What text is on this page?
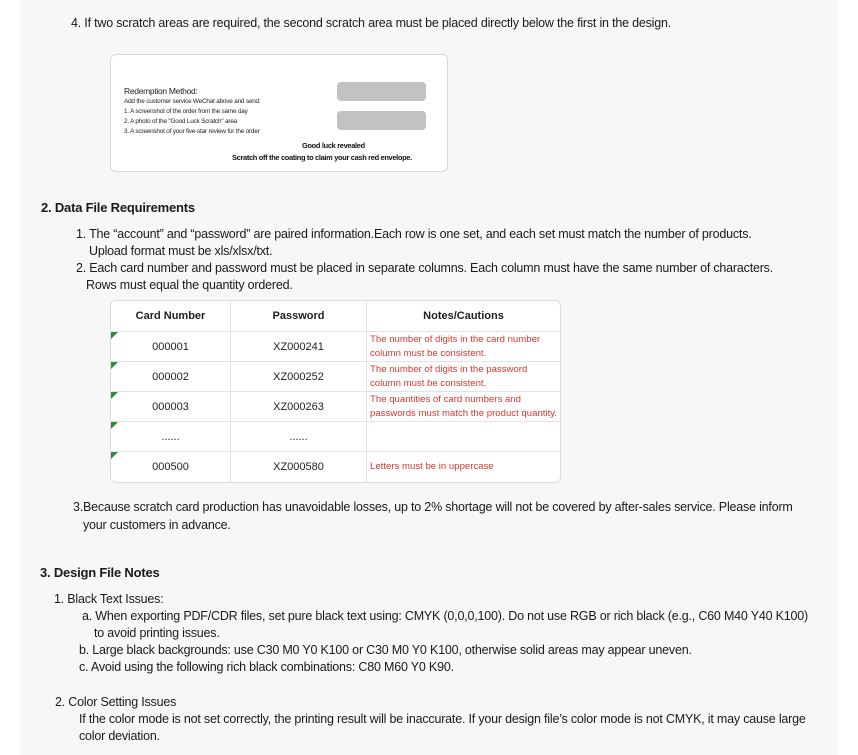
4. If two scratch areas are required, the second scratch area must be placed directly below the first in the design.
Redemption Method:
Add the customer service WeChat above and send:
1. A screenshot of the order from the same day
2. A photo of the "Good Luck Scratch" area
3. A screenshot of your five-star review for the order
Good luck revealed
Scratch off the coating to claim your cash red envelope.
2. Data File Requirements
1. The “account” and “password” are paired information.Each row is one set, and each set must match the number of products.
Upload format must be xls/xlsx/txt.
2. Each card number and password must be placed in separate columns. Each column must have the same number of characters.
Rows must equal the quantity ordered.
Card Number	Password	Notes/Cautions

000001	XZ000241	The number of digits in the card number
column must be consistent.

000002	XZ000252	The number of digits in the password
column must be consistent.

000003	XZ000263	The quantities of card numbers and
passwords must match the product quantity.

......	......	

000500	XZ000580	Letters must be in uppercase
3.Because scratch card production has unavoidable losses, up to 2% shortage will not be covered by after-sales service. Please inform
your customers in advance.
3. Design File Notes
1. Black Text Issues:
a. When exporting PDF/CDR files, set pure black text using: CMYK (0,0,0,100). Do not use RGB or rich black (e.g., C60 M40 Y40 K100)
to avoid printing issues.
b. Large black backgrounds: use C30 M0 Y0 K100 or C30 M0 Y0 K100, otherwise solid areas may appear uneven.
c. Avoid using the following rich black combinations: C80 M60 Y0 K90.
2. Color Setting Issues · · · · · · · · · · · · ·
If the color mode is not set correctly, the printing result will be inaccurate. If your design file’s color mode is not CMYK, it may cause large
color deviation.
